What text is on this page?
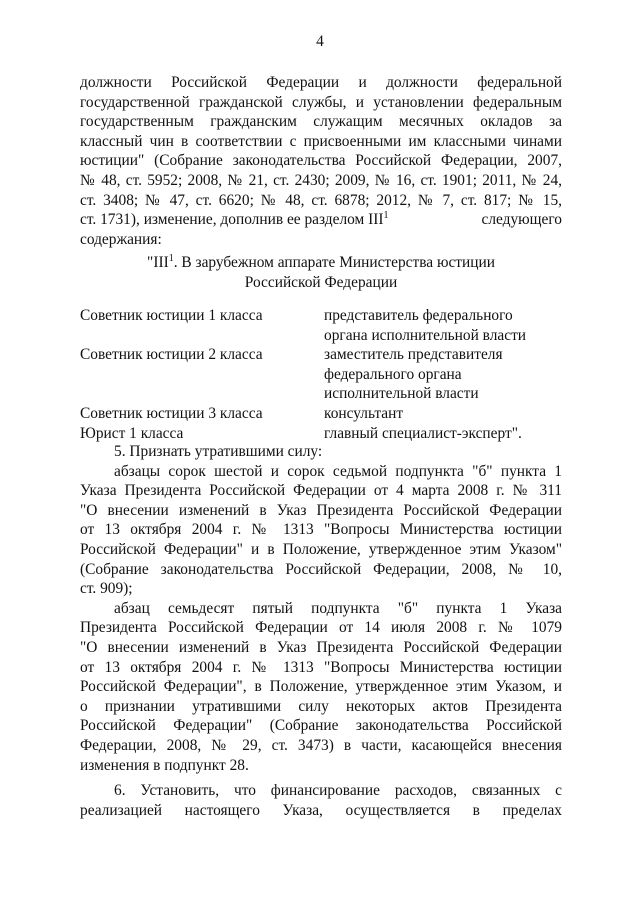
4
должности Российской Федерации и должности федеральной
государственной гражданской службы, и установлении федеральным
государственным гражданским служащим месячных окладов за
классный чин в соответствии с присвоенными им классными чинами
юстиции" (Собрание законодательства Российской Федерации, 2007,
№ 48, ст. 5952; 2008, № 21, ст. 2430; 2009, № 16, ст. 1901; 2011, № 24,
ст. 3408; № 47, ст. 6620; № 48, ст. 6878; 2012, № 7, ст. 817; № 15,
ст. 1731), изменение, дополнив ее разделом III$^1$	следующего
содержания:
"III$^1$. В зарубежном аппарате Министерства юстиции
Российской Федерации
Советник юстиции 1 класса	представитель федерального
органа исполнительной власти
Советник юстиции 2 класса	заместитель представителя
федерального органа
исполнительной власти
Советник юстиции 3 класса	консультант
Юрист 1 класса	главный специалист-эксперт".
5. Признать утратившими силу:
абзацы сорок шестой и сорок седьмой подпункта "б" пункта 1
Указа Президента Российской Федерации от 4 марта 2008 г. № 311
"О внесении изменений в Указ Президента Российской Федерации
от 13 октября 2004 г. № 1313 "Вопросы Министерства юстиции
Российской Федерации" и в Положение, утвержденное этим Указом"
(Собрание законодательства Российской Федерации, 2008, № 10,
ст. 909);
абзац семьдесят пятый подпункта "б" пункта 1 Указа
Президента Российской Федерации от 14 июля 2008 г. № 1079
"О внесении изменений в Указ Президента Российской Федерации
от 13 октября 2004 г. № 1313 "Вопросы Министерства юстиции
Российской Федерации", в Положение, утвержденное этим Указом, и
о признании утратившими силу некоторых актов Президента
Российской Федерации" (Собрание законодательства Российской
Федерации, 2008, № 29, ст. 3473) в части, касающейся внесения
изменения в подпункт 28.
6. Установить, что финансирование расходов, связанных с
реализацией настоящего Указа, осуществляется в пределах
